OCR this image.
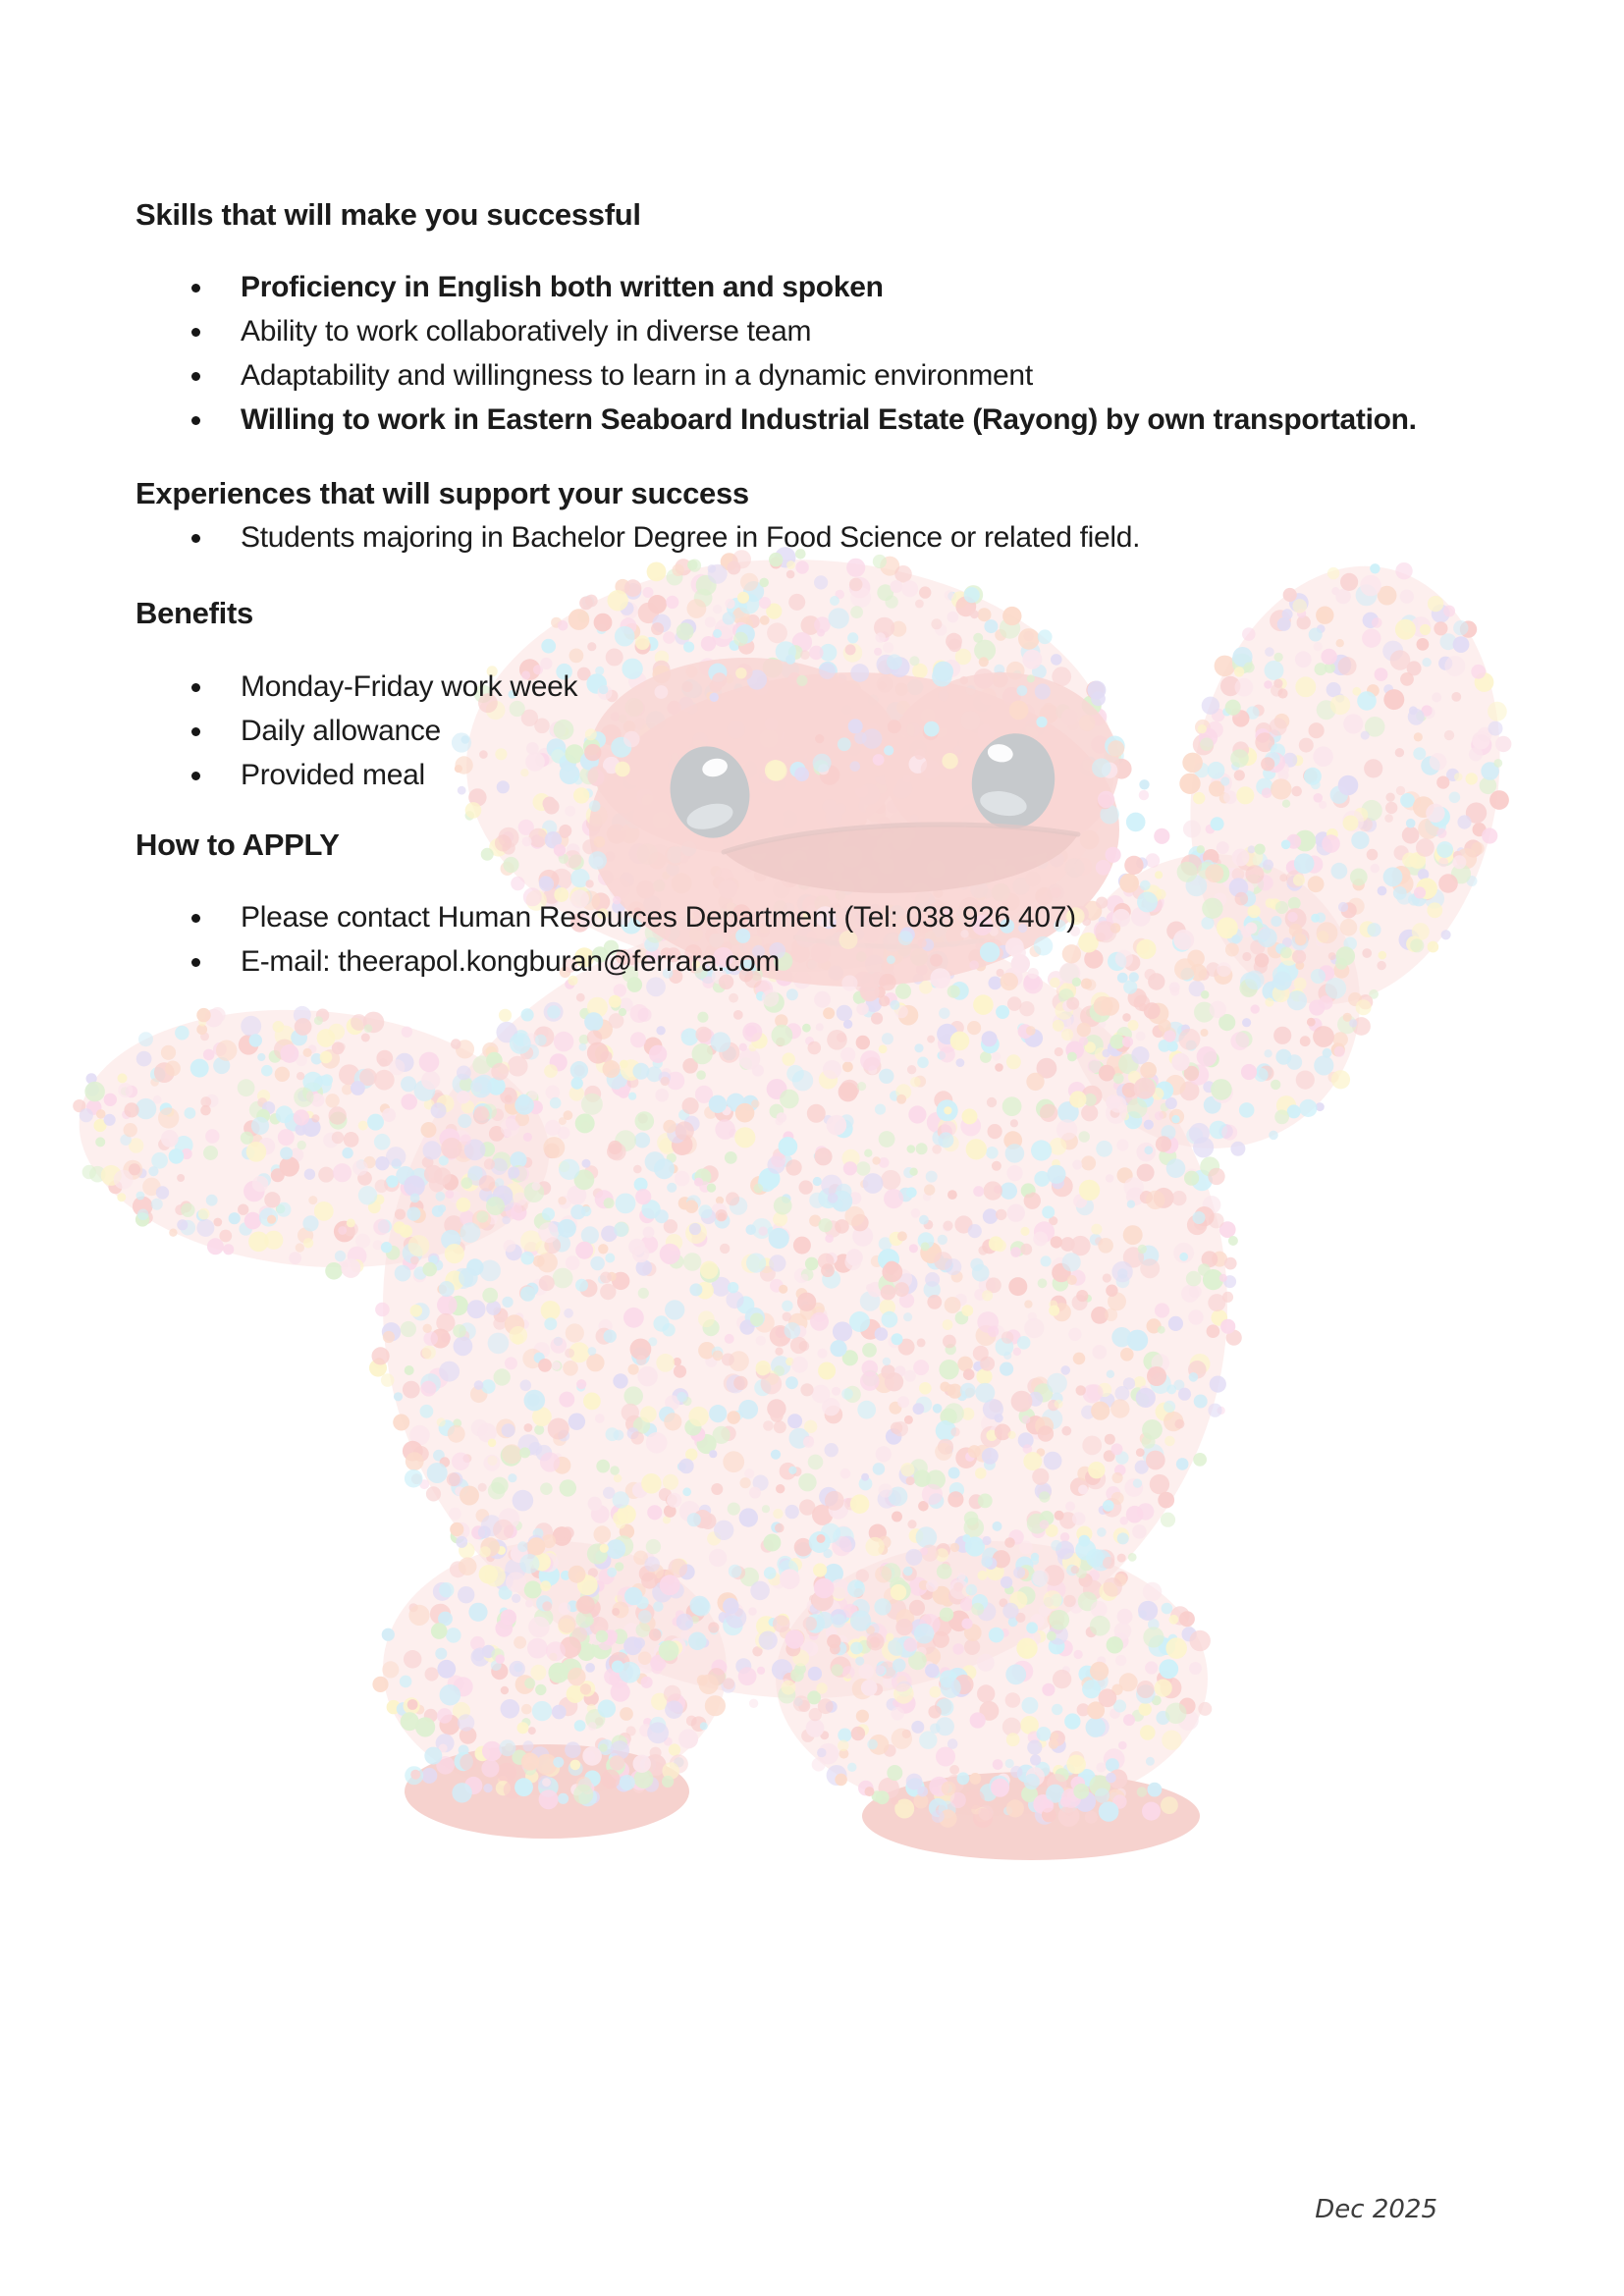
Skills that will make you successful
Proficiency in English both written and spoken
Ability to work collaboratively in diverse team
Adaptability and willingness to learn in a dynamic environment
Willing to work in Eastern Seaboard Industrial Estate (Rayong) by own transportation.
Experiences that will support your success
Students majoring in Bachelor Degree in Food Science or related field.
Benefits
Monday-Friday work week
Daily allowance
Provided meal
How to APPLY
Please contact Human Resources Department (Tel: 038 926 407)
E-mail: theerapol.kongburan@ferrara.com
Dec 2025
